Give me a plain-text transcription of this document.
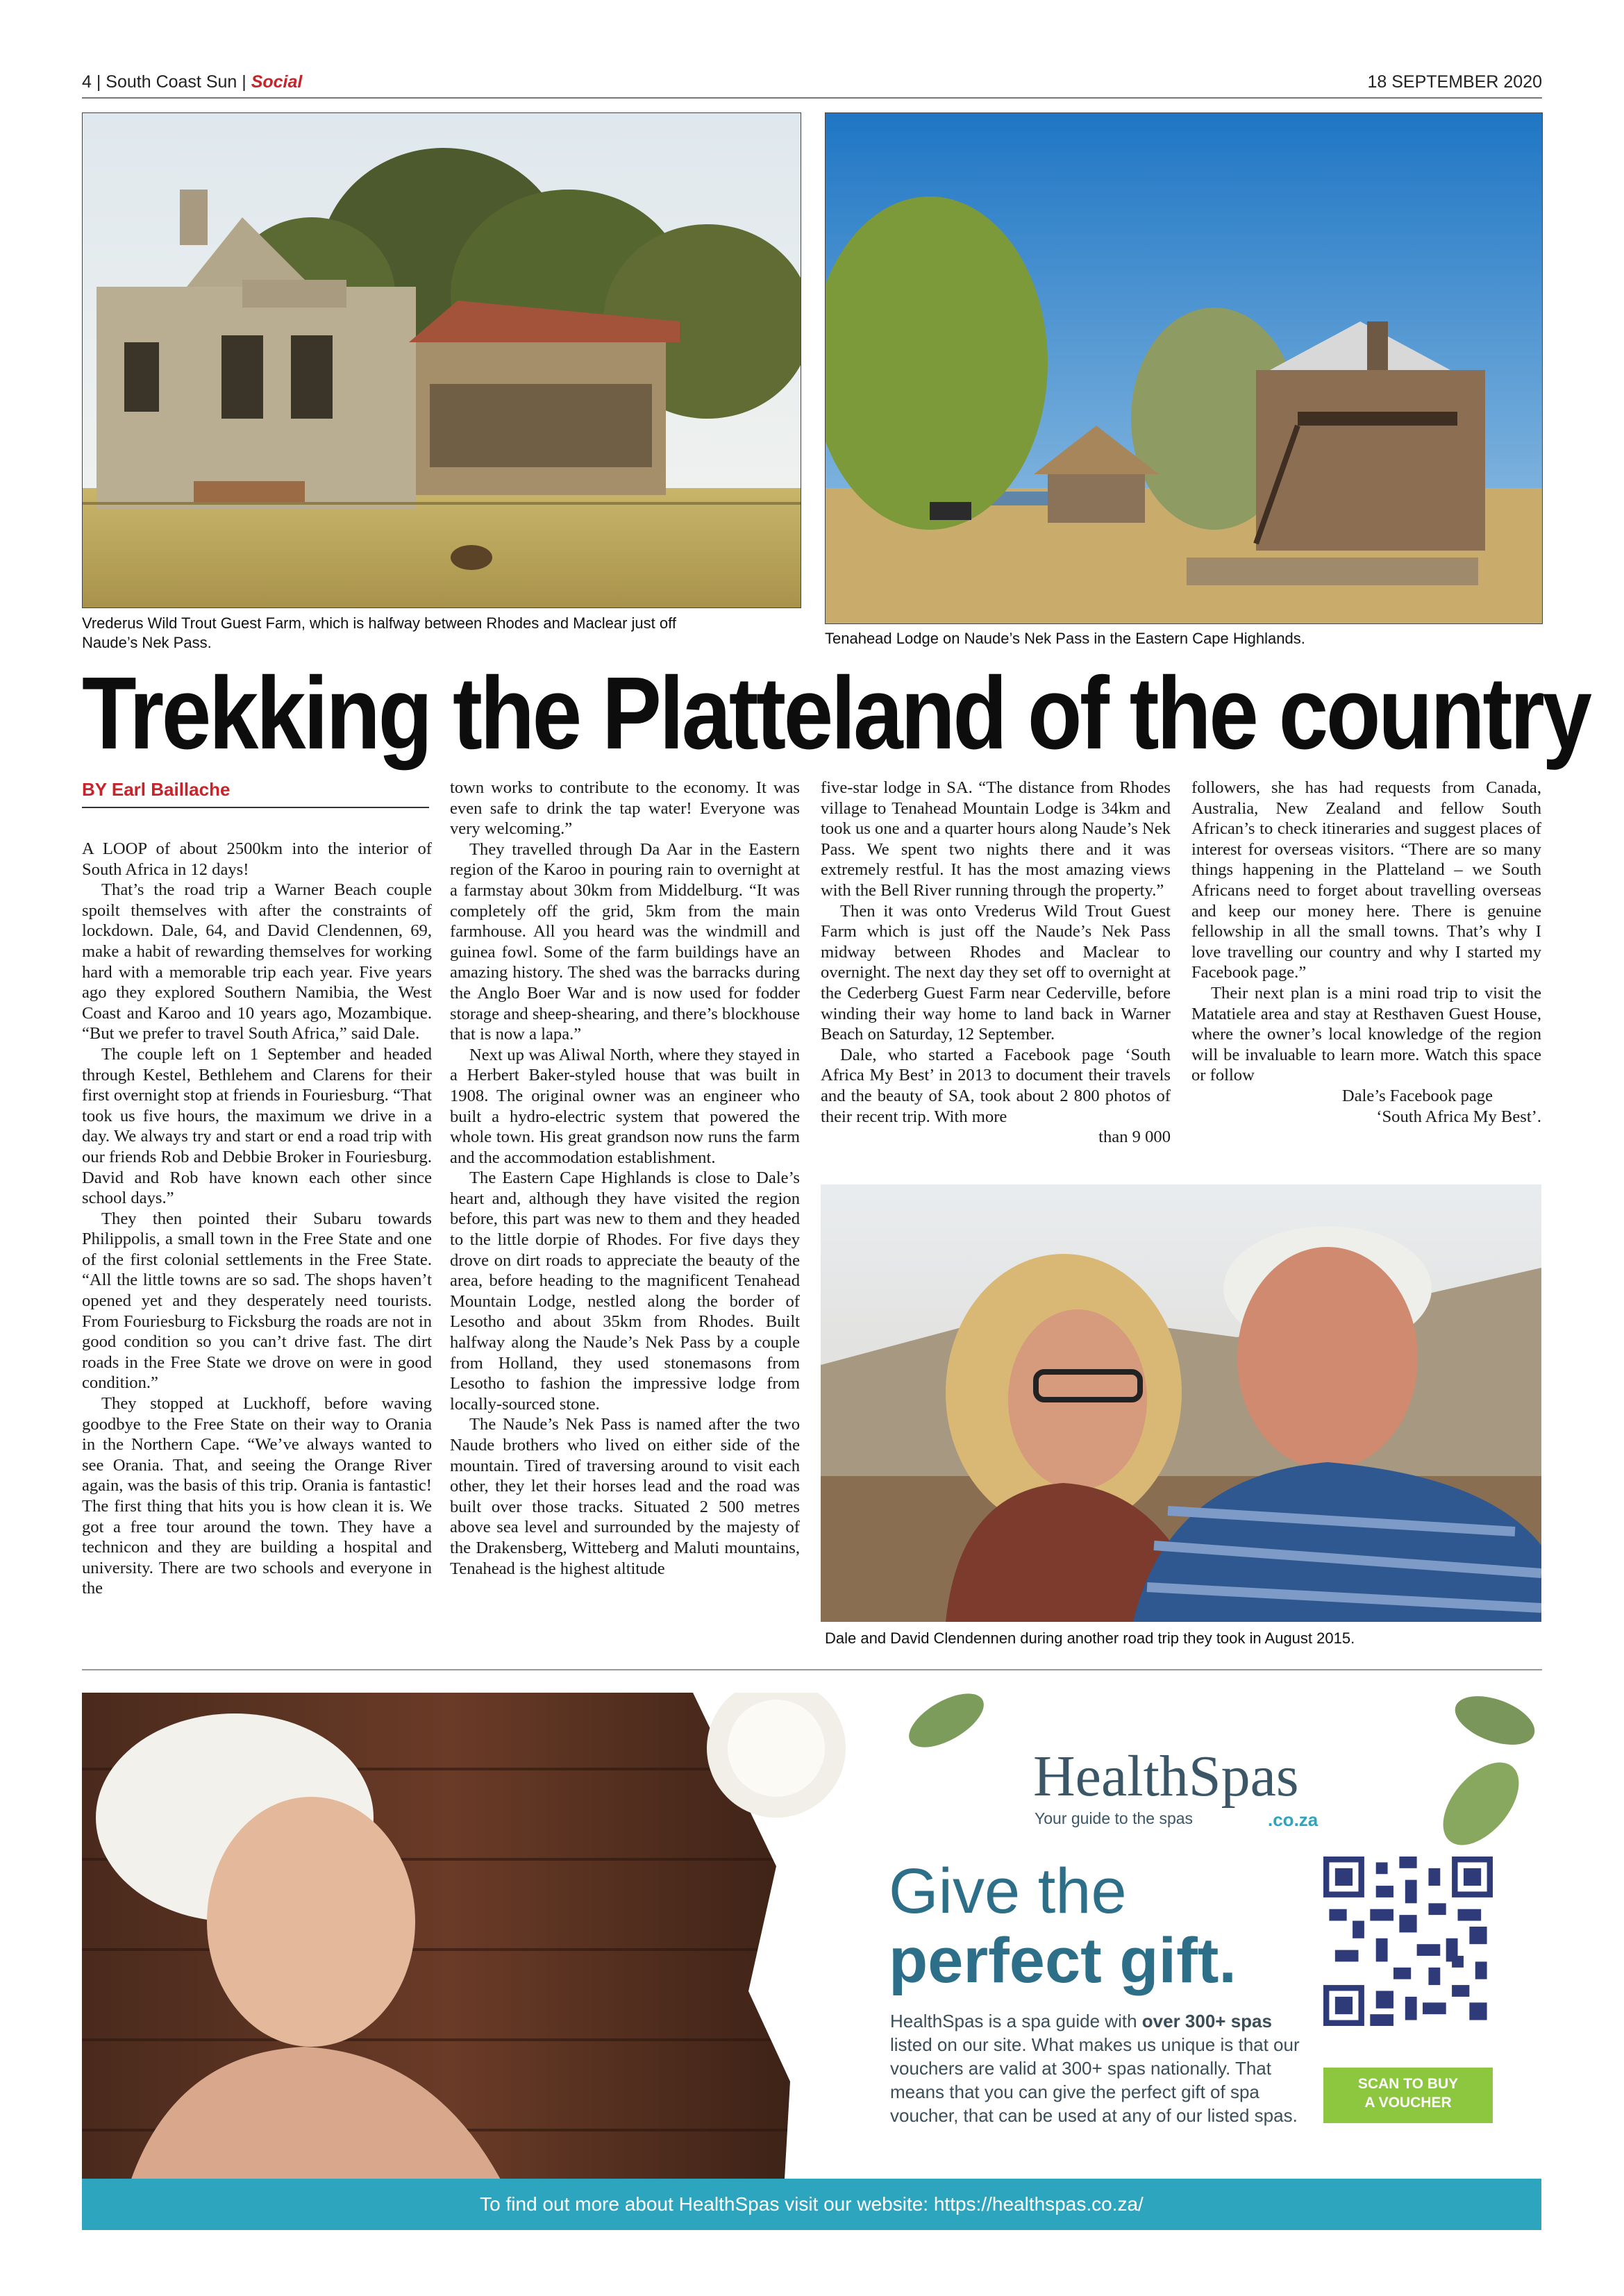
4 | South Coast Sun | Social	18 SEPTEMBER 2020
Vrederus Wild Trout Guest Farm, which is halfway between Rhodes and Maclear just off
Naude’s Nek Pass.	Tenahead Lodge on Naude’s Nek Pass in the Eastern Cape Highlands.
Trekking the Platteland of the country
BY Earl Baillache

A LOOP of about 2500km into the interior of South Africa in 12 days!

That’s the road trip a Warner Beach couple spoilt themselves with after the constraints of lockdown. Dale, 64, and David Clendennen, 69, make a habit of rewarding themselves for working hard with a memorable trip each year. Five years ago they explored Southern Namibia, the West Coast and Karoo and 10 years ago, Mozambique. “But we prefer to travel South Africa,” said Dale.

The couple left on 1 September and headed through Kestel, Bethlehem and Clarens for their first overnight stop at friends in Fouriesburg. “That took us five hours, the maximum we drive in a day. We always try and start or end a road trip with our friends Rob and Debbie Broker in Fouriesburg. David and Rob have known each other since school days.”

They then pointed their Subaru towards Philippolis, a small town in the Free State and one of the first colonial settlements in the Free State. “All the little towns are so sad. The shops haven’t opened yet and they desperately need tourists. From Fouriesburg to Ficksburg the roads are not in good condition so you can’t drive fast. The dirt roads in the Free State we drove on were in good condition.”

They stopped at Luckhoff, before waving goodbye to the Free State on their way to Orania in the Northern Cape. “We’ve always wanted to see Orania. That, and seeing the Orange River again, was the basis of this trip. Orania is fantastic! The first thing that hits you is how clean it is. We got a free tour around the town. They have a technicon and they are building a hospital and university. There are two schools and everyone in the

town works to contribute to the economy. It was even safe to drink the tap water! Everyone was very welcoming.”

They travelled through Da Aar in the Eastern region of the Karoo in pouring rain to overnight at a farmstay about 30km from Middelburg. “It was completely off the grid, 5km from the main farmhouse. All you heard was the windmill and guinea fowl. Some of the farm buildings have an amazing history. The shed was the barracks during the Anglo Boer War and is now used for fodder storage and sheep-shearing, and there’s blockhouse that is now a lapa.”

Next up was Aliwal North, where they stayed in a Herbert Baker-styled house that was built in 1908. The original owner was an engineer who built a hydro-electric system that powered the whole town. His great grandson now runs the farm and the accommodation establishment.

The Eastern Cape Highlands is close to Dale’s heart and, although they have visited the region before, this part was new to them and they headed to the little dorpie of Rhodes. For five days they drove on dirt roads to appreciate the beauty of the area, before heading to the magnificent Tenahead Mountain Lodge, nestled along the border of Lesotho and about 35km from Rhodes. Built halfway along the Naude’s Nek Pass by a couple from Holland, they used stonemasons from Lesotho to fashion the impressive lodge from locally-sourced stone.

The Naude’s Nek Pass is named after the two Naude brothers who lived on either side of the mountain. Tired of traversing around to visit each other, they let their horses lead and the road was built over those tracks. Situated 2 500 metres above sea level and surrounded by the majesty of the Drakensberg, Witteberg and Maluti mountains, Tenahead is the highest altitude

five-star lodge in SA. “The distance from Rhodes village to Tenahead Mountain Lodge is 34km and took us one and a quarter hours along Naude’s Nek Pass. We spent two nights there and it was extremely restful. It has the most amazing views with the Bell River running through the property.”

Then it was onto Vrederus Wild Trout Guest Farm which is just off the Naude’s Nek Pass midway between Rhodes and Maclear to overnight. The next day they set off to overnight at the Cederberg Guest Farm near Cederville, before winding their way home to land back in Warner Beach on Saturday, 12 September.

Dale, who started a Facebook page ‘South Africa My Best’ in 2013 to document their travels and the beauty of SA, took about 2 800 photos of their recent trip. With more

than 9 000

followers, she has had requests from Canada, Australia, New Zealand and fellow South African’s to check itineraries and suggest places of interest for overseas visitors. “There are so many things happening in the Platteland – we South Africans need to forget about travelling overseas and keep our money here. There is genuine fellowship in all the small towns. That’s why I love travelling our country and why I started my Facebook page.”

Their next plan is a mini road trip to visit the Matatiele area and stay at Resthaven Guest House, where the owner’s local knowledge of the region will be invaluable to learn more. Watch this space or follow

Dale’s Facebook page

‘South Africa My Best’.

Dale and David Clendennen during another road trip they took in August 2015.
HealthSpas
Your guide to the spas	.co.za
Give the
perfect gift.
HealthSpas is a spa guide with over 300+ spas listed on our site. What makes us unique is that our vouchers are valid at 300+ spas nationally. That means that you can give the perfect gift of spa voucher, that can be used at any of our listed spas.
SCAN TO BUY
A VOUCHER
To find out more about HealthSpas visit our website: https://healthspas.co.za/
